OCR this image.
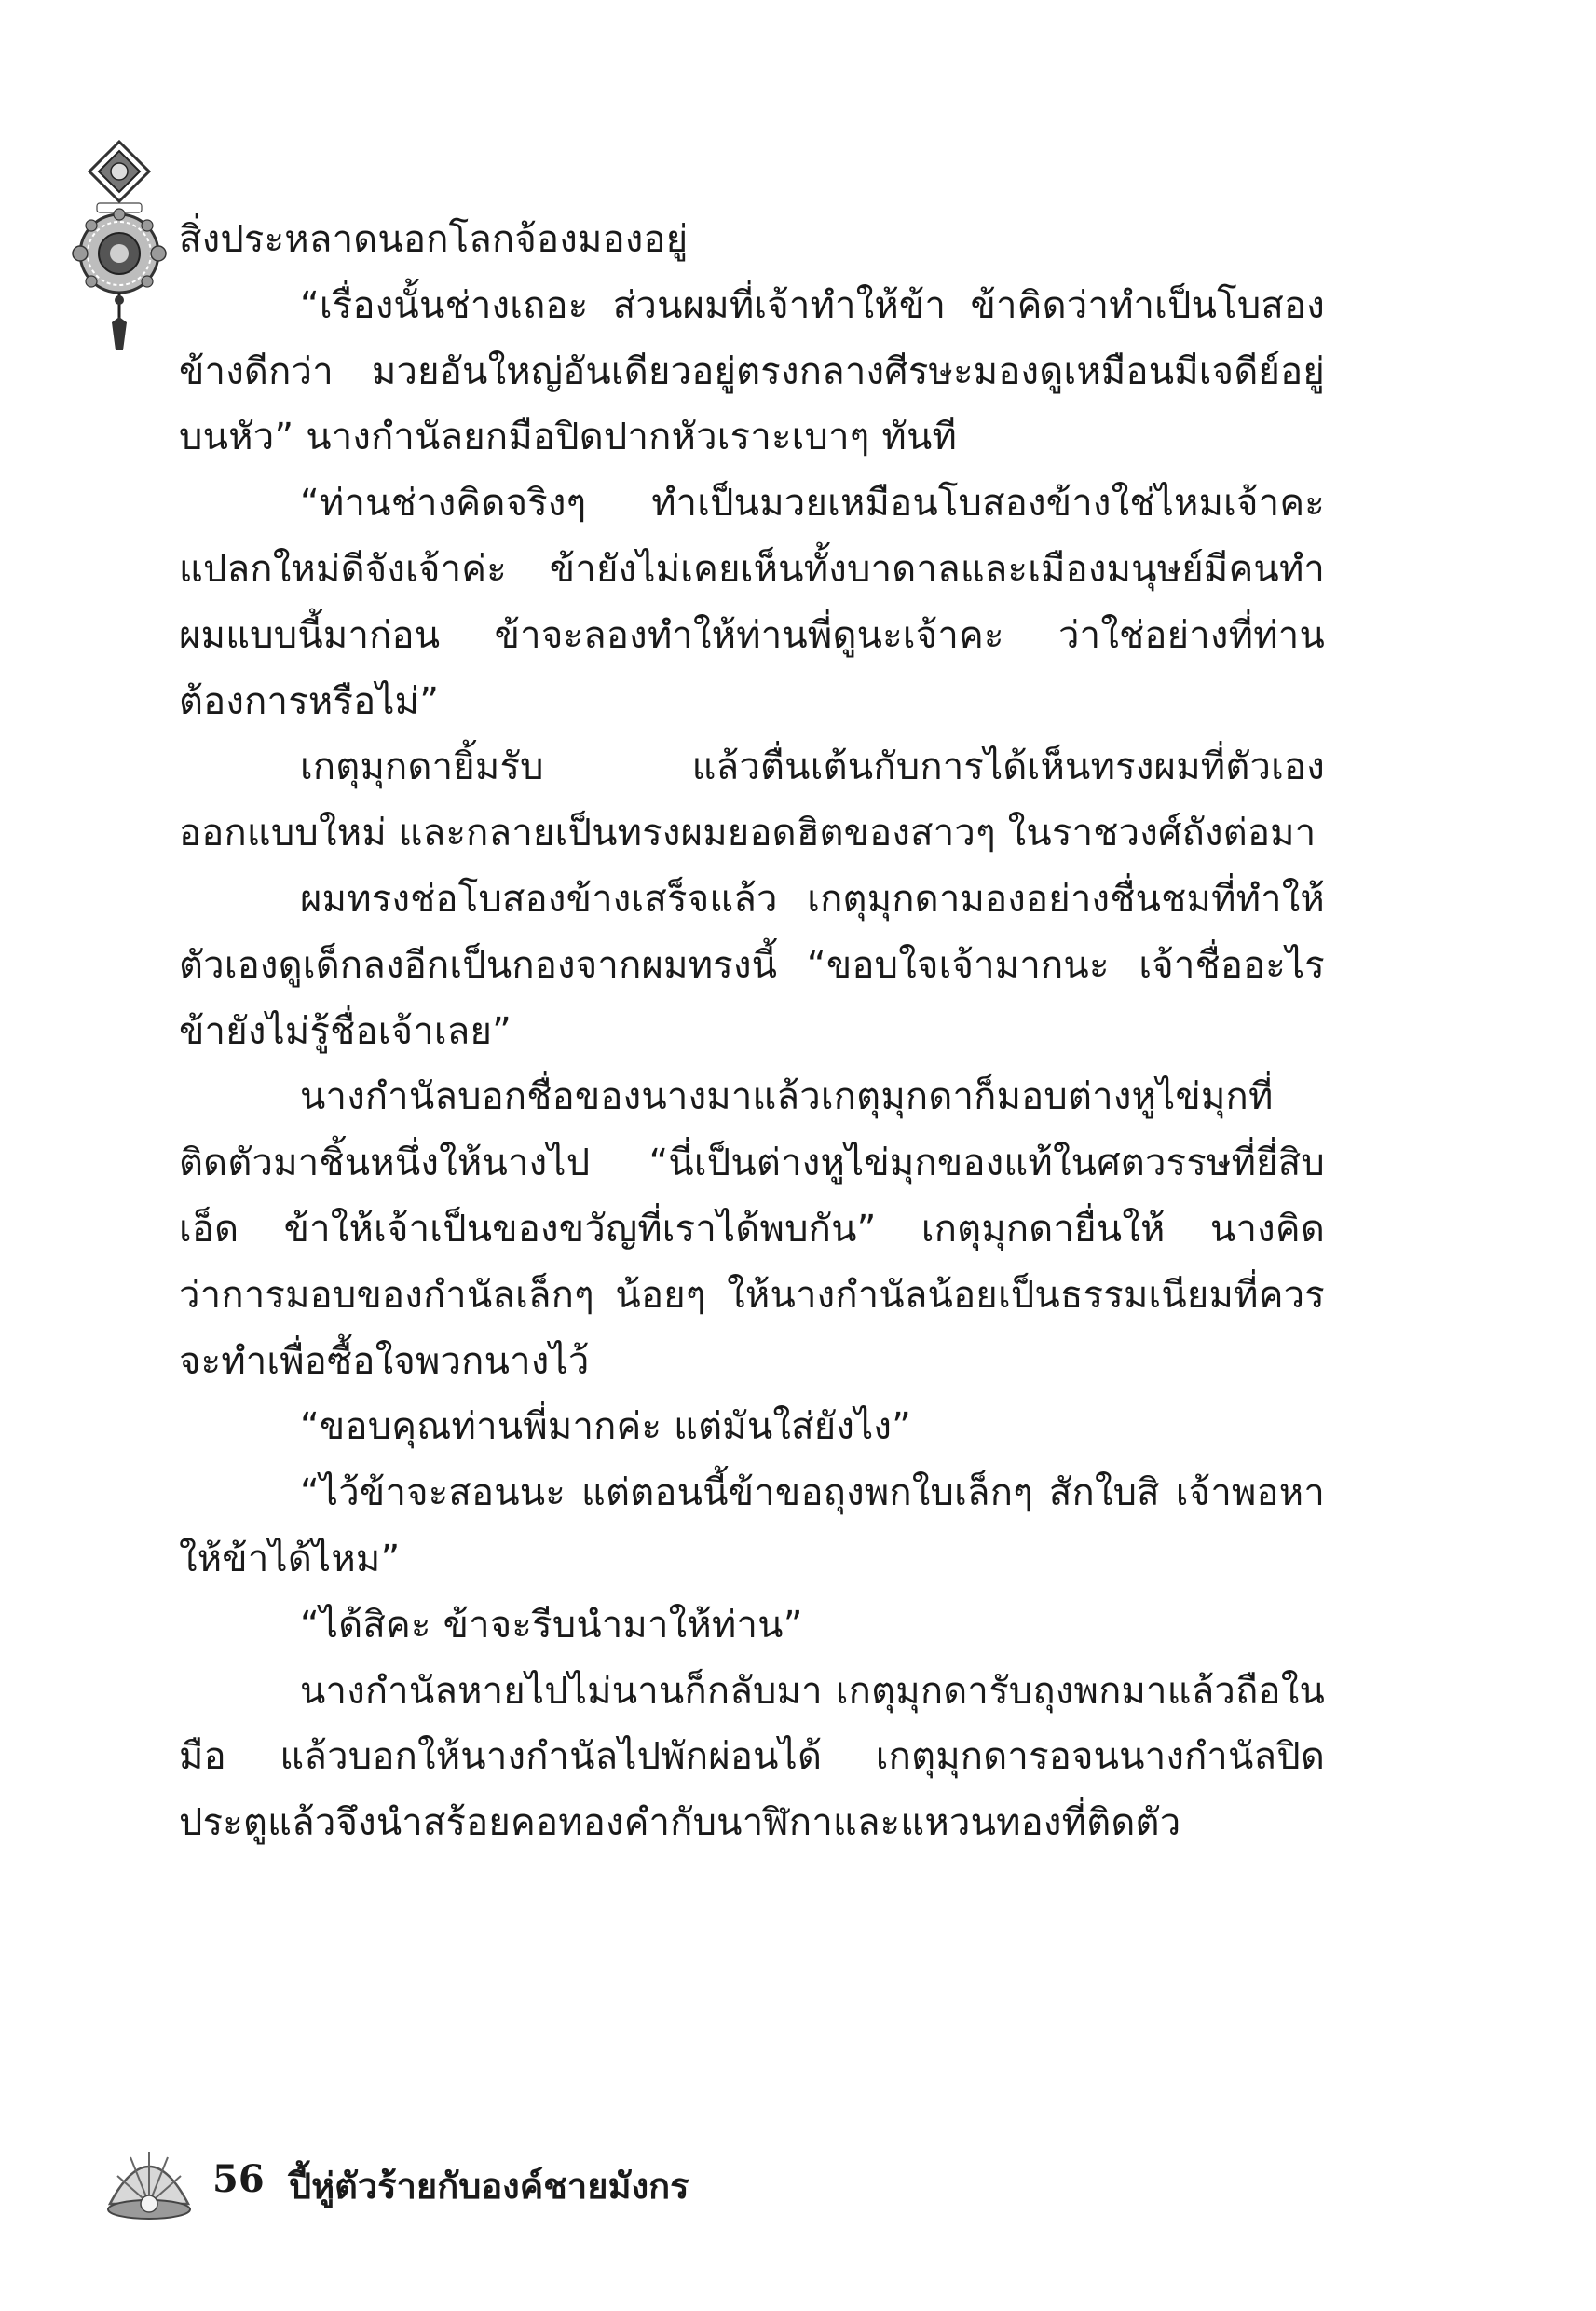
สิ่งประหลาดนอกโลกจ้องมองอยู่

“เรื่องนั้นช่างเถอะ ส่วนผมที่เจ้าทำให้ข้า ข้าคิดว่าทำเป็นโบสองข้างดีกว่า มวยอันใหญ่อันเดียวอยู่ตรงกลางศีรษะมองดูเหมือนมีเจดีย์อยู่บนหัว” นางกำนัลยกมือปิดปากหัวเราะเบาๆ ทันที

“ท่านช่างคิดจริงๆ ทำเป็นมวยเหมือนโบสองข้างใช่ไหมเจ้าคะ แปลกใหม่ดีจังเจ้าค่ะ ข้ายังไม่เคยเห็นทั้งบาดาลและเมืองมนุษย์มีคนทำผมแบบนี้มาก่อน ข้าจะลองทำให้ท่านพี่ดูนะเจ้าคะ ว่าใช่อย่างที่ท่านต้องการหรือไม่”

เกตุมุกดายิ้มรับ แล้วตื่นเต้นกับการได้เห็นทรงผมที่ตัวเองออกแบบใหม่ และกลายเป็นทรงผมยอดฮิตของสาวๆ ในราชวงศ์ถังต่อมา

ผมทรงช่อโบสองข้างเสร็จแล้ว เกตุมุกดามองอย่างชื่นชมที่ทำให้ตัวเองดูเด็กลงอีกเป็นกองจากผมทรงนี้ “ขอบใจเจ้ามากนะ เจ้าชื่ออะไรข้ายังไม่รู้ชื่อเจ้าเลย”

นางกำนัลบอกชื่อของนางมาแล้วเกตุมุกดาก็มอบต่างหูไข่มุกที่ติดตัวมาชิ้นหนึ่งให้นางไป “นี่เป็นต่างหูไข่มุกของแท้ในศตวรรษที่ยี่สิบเอ็ด ข้าให้เจ้าเป็นของขวัญที่เราได้พบกัน” เกตุมุกดายื่นให้ นางคิดว่าการมอบของกำนัลเล็กๆ น้อยๆ ให้นางกำนัลน้อยเป็นธรรมเนียมที่ควรจะทำเพื่อซื้อใจพวกนางไว้

“ขอบคุณท่านพี่มากค่ะ แต่มันใส่ยังไง”

“ไว้ข้าจะสอนนะ แต่ตอนนี้ข้าขอถุงพกใบเล็กๆ สักใบสิ เจ้าพอหาให้ข้าได้ไหม”

“ได้สิคะ ข้าจะรีบนำมาให้ท่าน”

นางกำนัลหายไปไม่นานก็กลับมา เกตุมุกดารับถุงพกมาแล้วถือในมือ แล้วบอกให้นางกำนัลไปพักผ่อนได้ เกตุมุกดารอจนนางกำนัลปิดประตูแล้วจึงนำสร้อยคอทองคำกับนาฬิกาและแหวนทองที่ติดตัว

56 ปี้หู่ตัวร้ายกับองค์ชายมังกร
